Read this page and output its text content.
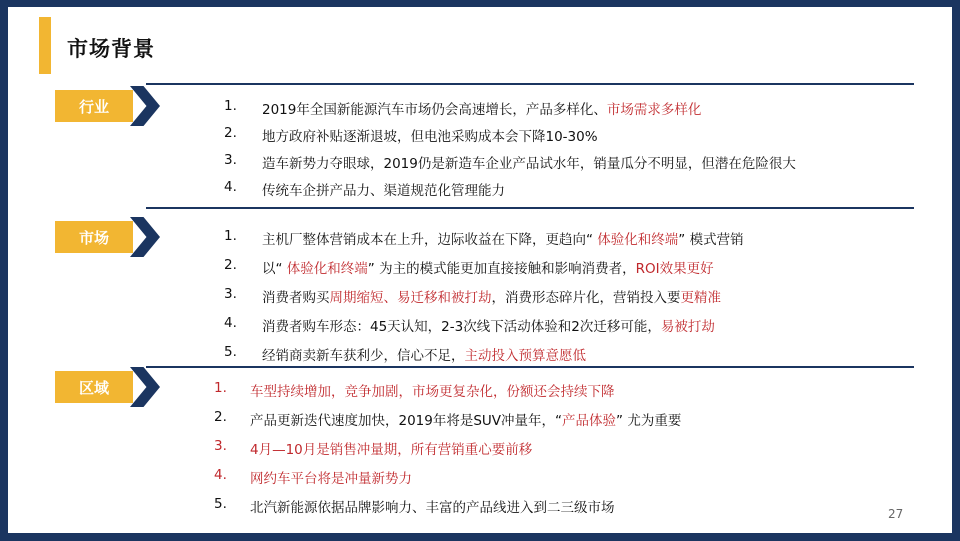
市场背景
行业	1.	2019年全国新能源汽车市场仍会高速增长，产品多样化、市场需求多样化
2.	地方政府补贴逐渐退坡，但电池采购成本会下降10-30%
3.	造车新势力夺眼球，2019仍是新造车企业产品试水年，销量瓜分不明显，但潜在危险很大
4.	传统车企拼产品力、渠道规范化管理能力
市场	1.	主机厂整体营销成本在上升，边际收益在下降，更趋向“ 体验化和终端” 模式营销
2.	以“ 体验化和终端” 为主的模式能更加直接接触和影响消费者，ROI效果更好
3.	消费者购买周期缩短、易迁移和被打劫，消费形态碎片化，营销投入要更精准
4.	消费者购车形态：45天认知，2-3次线下活动体验和2次迁移可能，易被打劫
5.	经销商卖新车获利少，信心不足，主动投入预算意愿低
区域	1.	车型持续增加，竞争加剧，市场更复杂化，份额还会持续下降
2.	产品更新迭代速度加快，2019年将是SUV冲量年，“产品体验” 尤为重要
3.	4月—10月是销售冲量期，所有营销重心要前移
4.	网约车平台将是冲量新势力
5.	北汽新能源依据品牌影响力、丰富的产品线进入到二三级市场	27
